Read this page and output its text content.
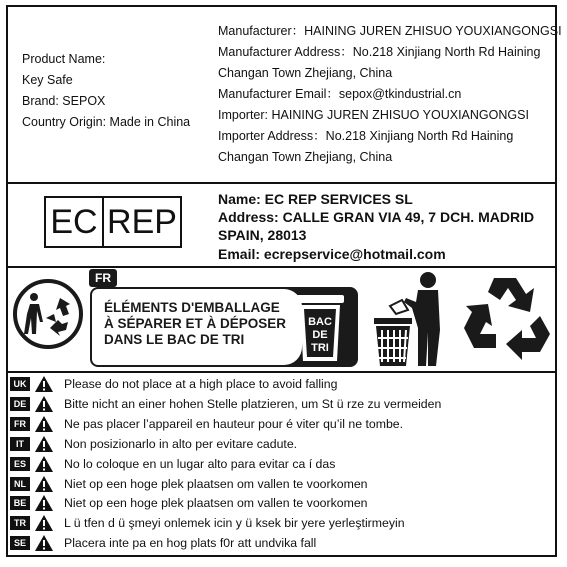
Product Name:
Key Safe
Brand: SEPOX
Country Origin: Made in China
Manufacturer：HAINING JUREN ZHISUO YOUXIANGONGSI
Manufacturer Address：No.218 Xinjiang North Rd Haining
Changan Town Zhejiang, China
Manufacturer Email：sepox@tkindustrial.cn
Importer: HAINING JUREN ZHISUO YOUXIANGONGSI
Importer Address：No.218 Xinjiang North Rd Haining
Changan Town Zhejiang, China
EC REP
Name: EC REP SERVICES SL
Address: CALLE GRAN VIA 49, 7 DCH. MADRID
SPAIN, 28013
Email: ecrepservice@hotmail.com
FR
ÉLÉMENTS D'EMBALLAGE
À SÉPARER ET À DÉPOSER
DANS LE BAC DE TRI
BAC
DE
TRI
UK	Please do not place at a high place to avoid falling
DE	Bitte nicht an einer hohen Stelle platzieren, um St ü rze zu vermeiden
FR	Ne pas placer l’appareil en hauteur pour é viter qu’il ne tombe.
IT	Non posizionarlo in alto per evitare cadute.
ES	No lo coloque en un lugar alto para evitar ca í das
NL	Niet op een hoge plek plaatsen om vallen te voorkomen
BE	Niet op een hoge plek plaatsen om vallen te voorkomen
TR	L ü tfen d ü şmeyi onlemek icin y ü ksek bir yere yerleştirmeyin
SE	Placera inte pa en hog plats f0r att undvika fall
